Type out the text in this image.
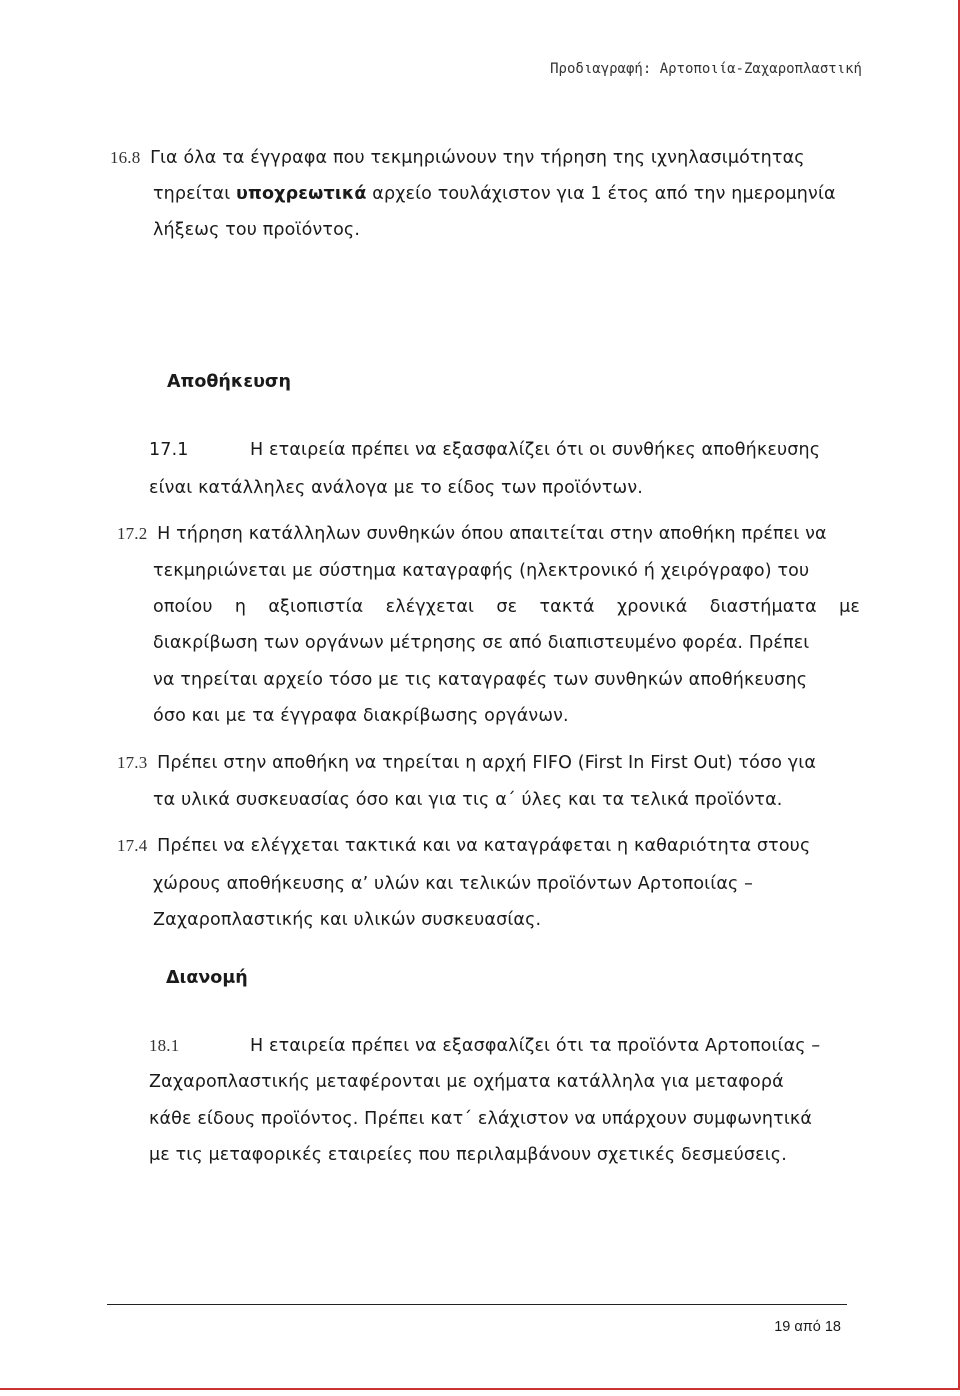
Προδιαγραφή: Αρτοποιία-Ζαχαροπλαστική
16.8 Για όλα τα έγγραφα που τεκμηριώνουν την τήρηση της ιχνηλασιμότητας
τηρείται υποχρεωτικά αρχείο τουλάχιστον για 1 έτος από την ημερομηνία
λήξεως του προϊόντος.
Αποθήκευση
17.1	Η εταιρεία πρέπει να εξασφαλίζει ότι οι συνθήκες αποθήκευσης
είναι κατάλληλες ανάλογα με το είδος των προϊόντων.
17.2 Η τήρηση κατάλληλων συνθηκών όπου απαιτείται στην αποθήκη πρέπει να
τεκμηριώνεται με σύστημα καταγραφής (ηλεκτρονικό ή χειρόγραφο) του
οποίου η αξιοπιστία ελέγχεται σε τακτά χρονικά διαστήματα με
διακρίβωση των οργάνων μέτρησης σε από διαπιστευμένο φορέα. Πρέπει
να τηρείται αρχείο τόσο με τις καταγραφές των συνθηκών αποθήκευσης
όσο και με τα έγγραφα διακρίβωσης οργάνων.
17.3 Πρέπει στην αποθήκη να τηρείται η αρχή FIFO (First In First Out) τόσο για
τα υλικά συσκευασίας όσο και για τις α΄ ύλες και τα τελικά προϊόντα.
17.4 Πρέπει να ελέγχεται τακτικά και να καταγράφεται η καθαριότητα στους
χώρους αποθήκευσης α’ υλών και τελικών προϊόντων Αρτοποιίας –
Ζαχαροπλαστικής και υλικών συσκευασίας.
Διανομή
18.1	Η εταιρεία πρέπει να εξασφαλίζει ότι τα προϊόντα Αρτοποιίας –
Ζαχαροπλαστικής μεταφέρονται με οχήματα κατάλληλα για μεταφορά
κάθε είδους προϊόντος. Πρέπει κατ΄ ελάχιστον να υπάρχουν συμφωνητικά
με τις μεταφορικές εταιρείες που περιλαμβάνουν σχετικές δεσμεύσεις.
19 από 18
